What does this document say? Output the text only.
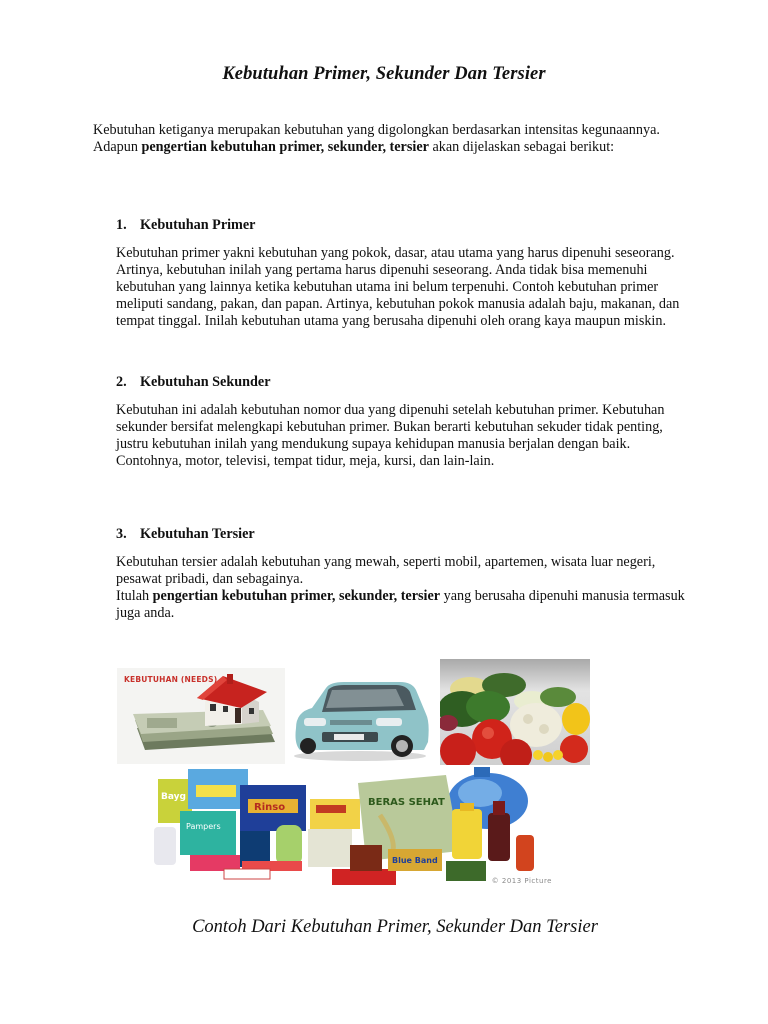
Kebutuhan Primer, Sekunder Dan Tersier

Kebutuhan ketiganya merupakan kebutuhan yang digolongkan berdasarkan intensitas kegunaannya. Adapun pengertian kebutuhan primer, sekunder, tersier akan dijelaskan sebagai berikut:

1. Kebutuhan Primer

Kebutuhan primer yakni kebutuhan yang pokok, dasar, atau utama yang harus dipenuhi seseorang. Artinya, kebutuhan inilah yang pertama harus dipenuhi seseorang. Anda tidak bisa memenuhi kebutuhan yang lainnya ketika kebutuhan utama ini belum terpenuhi. Contoh kebutuhan primer meliputi sandang, pakan, dan papan. Artinya, kebutuhan pokok manusia adalah baju, makanan, dan tempat tinggal. Inilah kebutuhan utama yang berusaha dipenuhi oleh orang kaya maupun miskin.

2. Kebutuhan Sekunder

Kebutuhan ini adalah kebutuhan nomor dua yang dipenuhi setelah kebutuhan primer. Kebutuhan sekunder bersifat melengkapi kebutuhan primer. Bukan berarti kebutuhan sekuder tidak penting, justru kebutuhan inilah yang mendukung supaya kehidupan manusia berjalan dengan baik.
Contohnya, motor, televisi, tempat tidur, meja, kursi, dan lain-lain.

3. Kebutuhan Tersier

Kebutuhan tersier adalah kebutuhan yang mewah, seperti mobil, apartemen, wisata luar negeri, pesawat pribadi, dan sebagainya.
Itulah pengertian kebutuhan primer, sekunder, tersier yang berusaha dipenuhi manusia termasuk juga anda.

KEBUTUHAN (NEEDS)
Bayg
Rinso
Pampers
BERAS SEHAT
Blue Band
© 2013 Picture

Contoh Dari Kebutuhan Primer, Sekunder Dan Tersier
